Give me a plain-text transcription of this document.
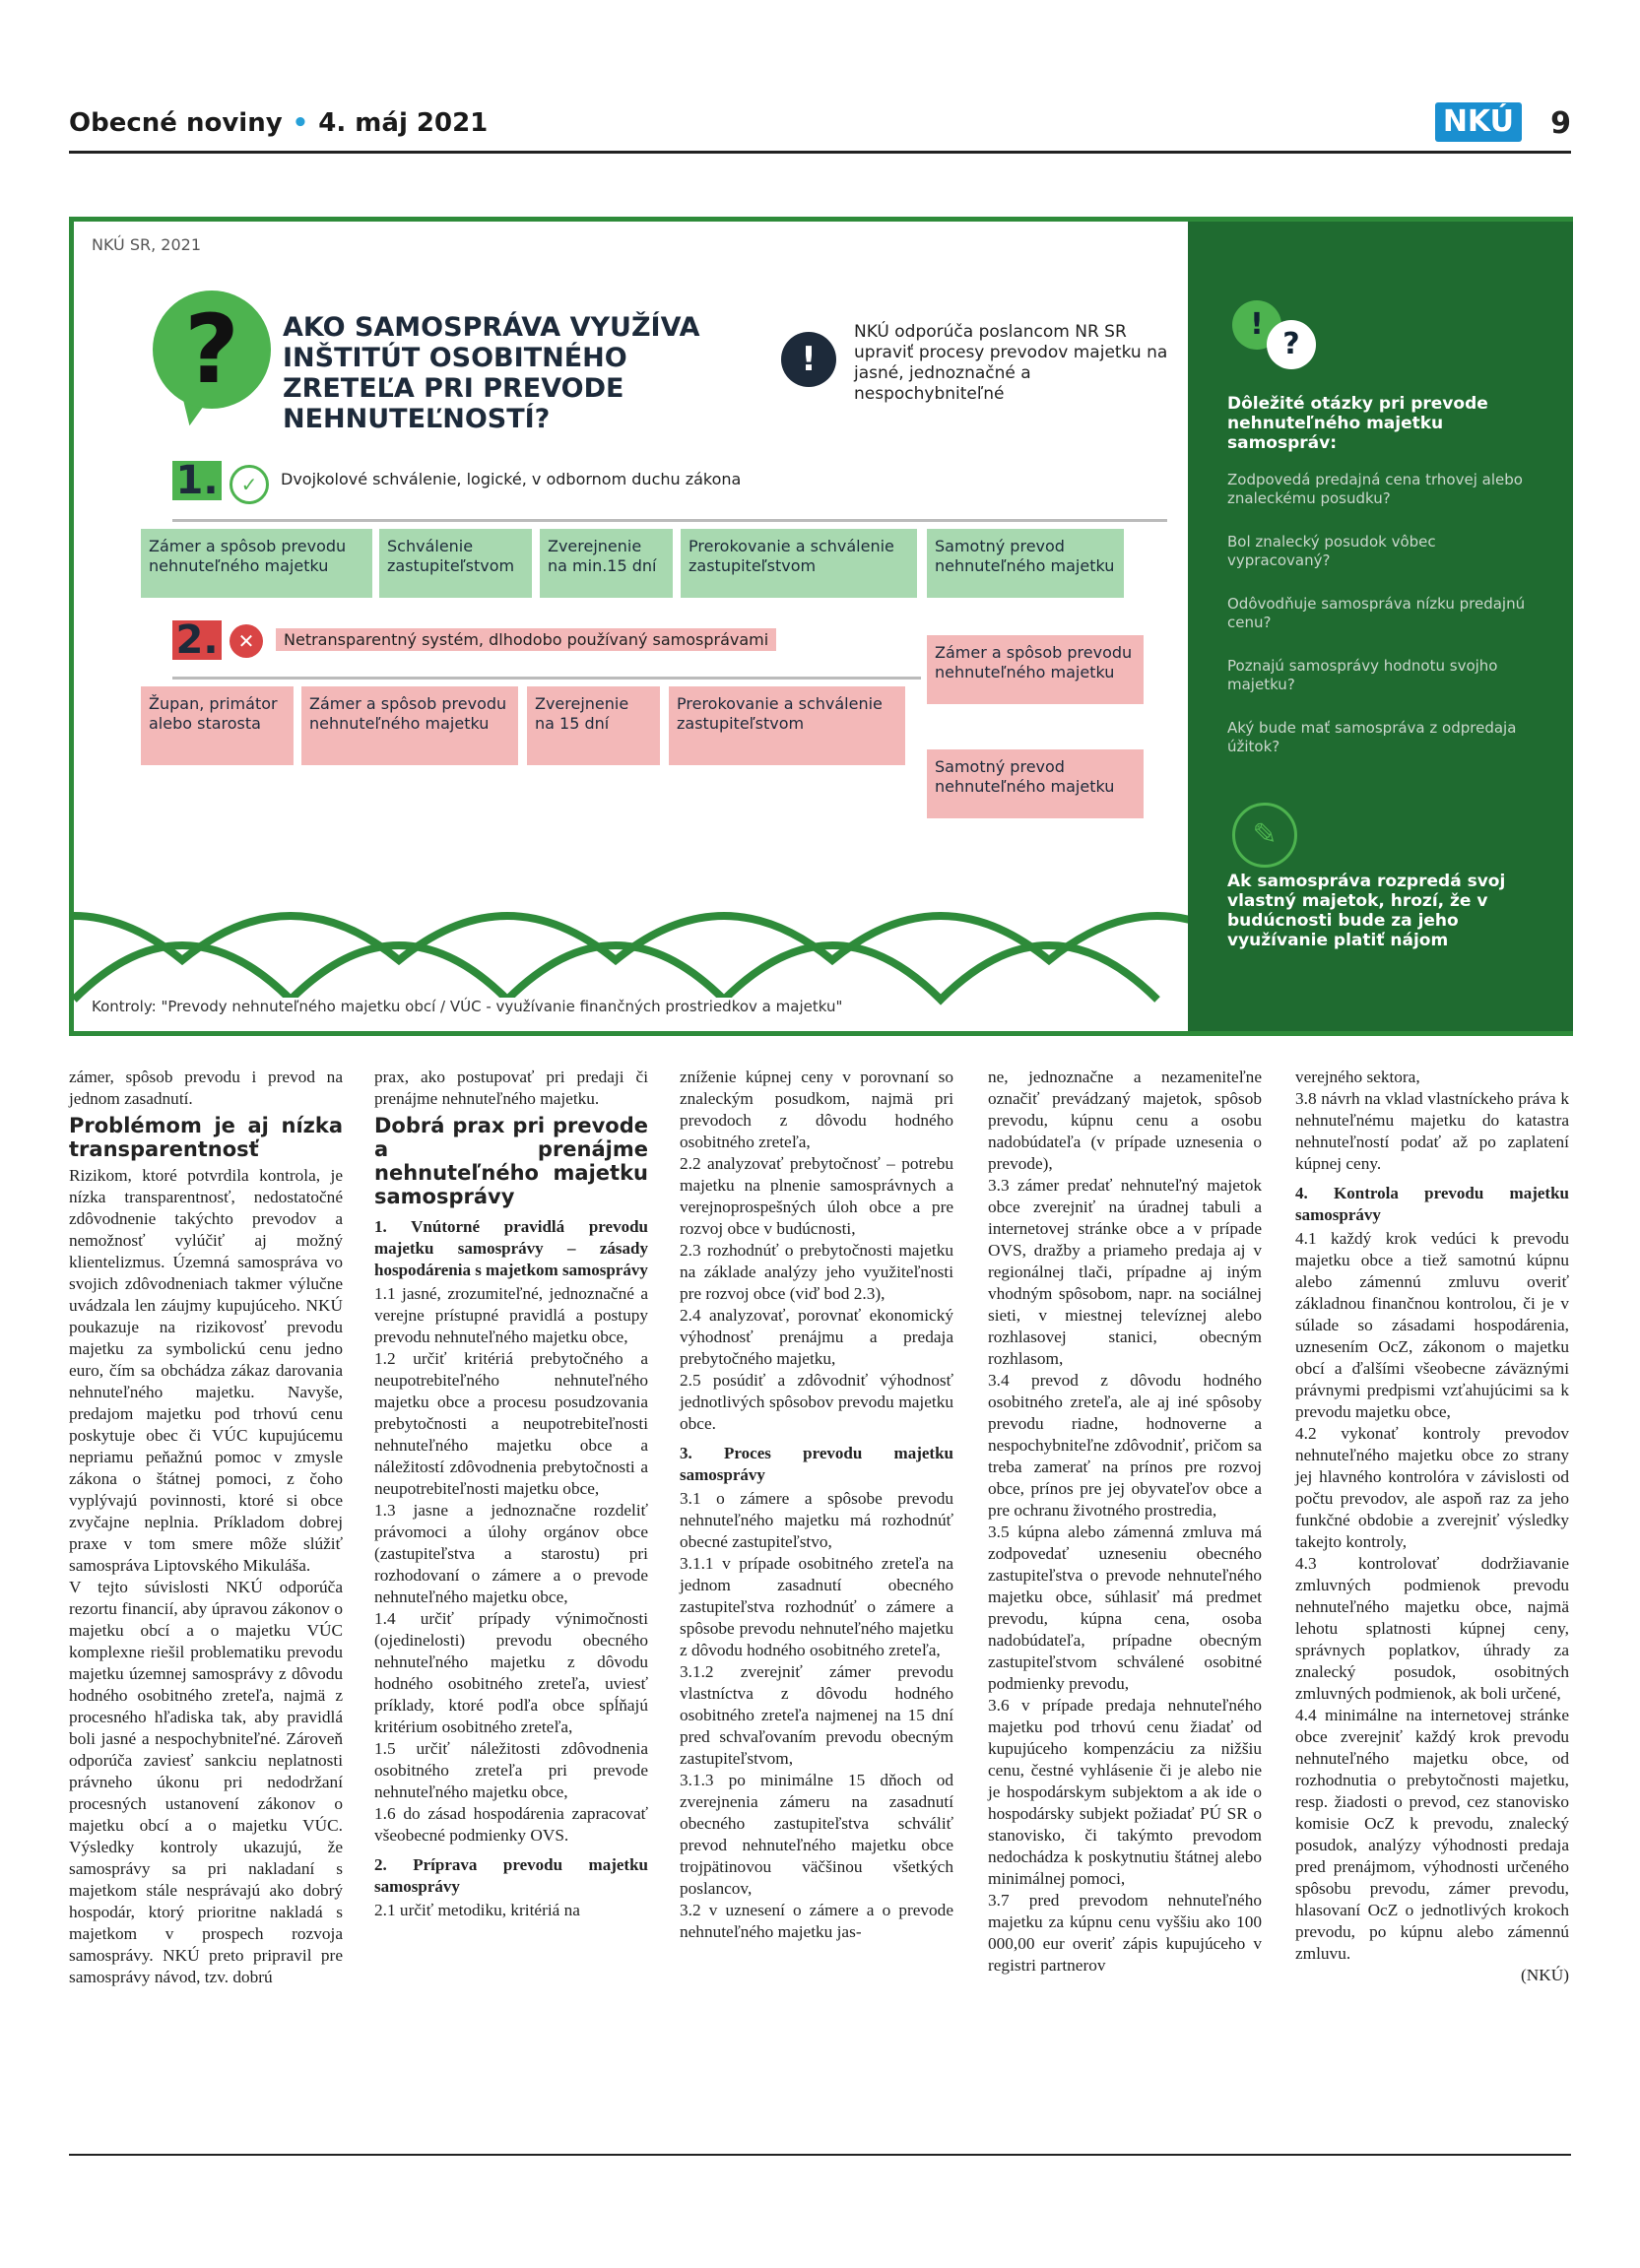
Obecné noviny • 4. máj 2021	NKÚ 9
NKÚ SR, 2021
?	AKO SAMOSPRÁVA VYUŽÍVA INŠTITÚT OSOBITNÉHO ZRETEĽA PRI PREVODE NEHNUTEĽNOSTÍ?
!
NKÚ odporúča poslancom NR SR upraviť procesy prevodov majetku na jasné, jednoznačné a nespochybniteľné
1.	✓	Dvojkolové schválenie, logické, v odbornom duchu zákona
Zámer a spôsob prevodu nehnuteľného majetku
Schválenie zastupiteľstvom
Zverejnenie na min.15 dní
Prerokovanie a schválenie zastupiteľstvom
Samotný prevod nehnuteľného majetku
2.	✕	Netransparentný systém, dlhodobo používaný samosprávami
Zámer a spôsob prevodu nehnuteľného majetku
Župan, primátor alebo starosta
Zámer a spôsob prevodu nehnuteľného majetku
Zverejnenie na 15 dní
Prerokovanie a schválenie zastupiteľstvom
Samotný prevod nehnuteľného majetku
Kontroly: "Prevody nehnuteľného majetku obcí / VÚC - využívanie finančných prostriedkov a majetku"
!
?
Dôležité otázky pri prevode nehnuteľného majetku samospráv:
Zodpovedá predajná cena trhovej alebo znaleckému posudku?
Bol znalecký posudok vôbec vypracovaný?
Odôvodňuje samospráva nízku predajnú cenu?
Poznajú samosprávy hodnotu svojho majetku?
Aký bude mať samospráva z odpredaja úžitok?
✎
Ak samospráva rozpredá svoj vlastný majetok, hrozí, že v budúcnosti bude za jeho využívanie platiť nájom

zámer, spôsob prevodu i prevod na jednom zasadnutí.

Problémom je aj nízka transparentnosť

Rizikom, ktoré potvrdila kontrola, je nízka transparentnosť, nedostatočné zdôvodnenie takýchto prevodov a nemožnosť vylúčiť aj možný klientelizmus. Územná samospráva vo svojich zdôvodneniach takmer výlučne uvádzala len záujmy kupujúceho. NKÚ poukazuje na rizikovosť prevodu majetku za symbolickú cenu jedno euro, čím sa obchádza zákaz darovania nehnuteľného majetku. Navyše, predajom majetku pod trhovú cenu poskytuje obec či VÚC kupujúcemu nepriamu peňažnú pomoc v zmysle zákona o štátnej pomoci, z čoho vyplývajú povinnosti, ktoré si obce zvyčajne neplnia. Príkladom dobrej praxe v tom smere môže slúžiť samospráva Liptovského Mikuláša.

V tejto súvislosti NKÚ odporúča rezortu financií, aby úpravou zákonov o majetku obcí a o majetku VÚC komplexne riešil problematiku prevodu majetku územnej samosprávy z dôvodu hodného osobitného zreteľa, najmä z procesného hľadiska tak, aby pravidlá boli jasné a nespochybniteľné. Zároveň odporúča zaviesť sankciu neplatnosti právneho úkonu pri nedodržaní procesných ustanovení zákonov o majetku obcí a o majetku VÚC. Výsledky kontroly ukazujú, že samosprávy sa pri nakladaní s majetkom stále nesprávajú ako dobrý hospodár, ktorý prioritne nakladá s majetkom v prospech rozvoja samosprávy. NKÚ preto pripravil pre samosprávy návod, tzv. dobrú

prax, ako postupovať pri predaji či prenájme nehnuteľného majetku.

Dobrá prax pri prevode a prenájme nehnuteľného majetku samosprávy
1. Vnútorné pravidlá prevodu majetku samosprávy – zásady hospodárenia s majetkom samosprávy

1.1 jasné, zrozumiteľné, jednoznačné a verejne prístupné pravidlá a postupy prevodu nehnuteľného majetku obce,

1.2 určiť kritériá prebytočného a neupotrebiteľného nehnuteľného majetku obce a procesu posudzovania prebytočnosti a neupotrebiteľnosti nehnuteľného majetku obce a náležitostí zdôvodnenia prebytočnosti a neupotrebiteľnosti majetku obce,

1.3 jasne a jednoznačne rozdeliť právomoci a úlohy orgánov obce (zastupiteľstva a starostu) pri rozhodovaní o zámere a o prevode nehnuteľného majetku obce,

1.4 určiť prípady výnimočnosti (ojedinelosti) prevodu obecného nehnuteľného majetku z dôvodu hodného osobitného zreteľa, uviesť príklady, ktoré podľa obce spĺňajú kritérium osobitného zreteľa,

1.5 určiť náležitosti zdôvodnenia osobitného zreteľa pri prevode nehnuteľného majetku obce,

1.6 do zásad hospodárenia zapracovať všeobecné podmienky OVS.

2. Príprava prevodu majetku samosprávy

2.1 určiť metodiku, kritériá na

zníženie kúpnej ceny v porovnaní so znaleckým posudkom, najmä pri prevodoch z dôvodu hodného osobitného zreteľa,

2.2 analyzovať prebytočnosť – potrebu majetku na plnenie samosprávnych a verejnoprospešných úloh obce a pre rozvoj obce v budúcnosti,

2.3 rozhodnúť o prebytočnosti majetku na základe analýzy jeho využiteľnosti pre rozvoj obce (viď bod 2.3),

2.4 analyzovať, porovnať ekonomický výhodnosť prenájmu a predaja prebytočného majetku,

2.5 posúdiť a zdôvodniť výhodnosť jednotlivých spôsobov prevodu majetku obce.

3. Proces prevodu majetku samosprávy

3.1 o zámere a spôsobe prevodu nehnuteľného majetku má rozhodnúť obecné zastupiteľstvo,

3.1.1 v prípade osobitného zreteľa na jednom zasadnutí obecného zastupiteľstva rozhodnúť o zámere a spôsobe prevodu nehnuteľného majetku z dôvodu hodného osobitného zreteľa,

3.1.2 zverejniť zámer prevodu vlastníctva z dôvodu hodného osobitného zreteľa najmenej na 15 dní pred schvaľovaním prevodu obecným zastupiteľstvom,

3.1.3 po minimálne 15 dňoch od zverejnenia zámeru na zasadnutí obecného zastupiteľstva schváliť prevod nehnuteľného majetku obce trojpätinovou väčšinou všetkých poslancov,

3.2 v uznesení o zámere a o prevode nehnuteľného majetku jas-

ne, jednoznačne a nezameniteľne označiť prevádzaný majetok, spôsob prevodu, kúpnu cenu a osobu nadobúdateľa (v prípade uznesenia o prevode),

3.3 zámer predať nehnuteľný majetok obce zverejniť na úradnej tabuli a internetovej stránke obce a v prípade OVS, dražby a priameho predaja aj v regionálnej tlači, prípadne aj iným vhodným spôsobom, napr. na sociálnej sieti, v miestnej televíznej alebo rozhlasovej stanici, obecným rozhlasom,

3.4 prevod z dôvodu hodného osobitného zreteľa, ale aj iné spôsoby prevodu riadne, hodnoverne a nespochybniteľne zdôvodniť, pričom sa treba zamerať na prínos pre rozvoj obce, prínos pre jej obyvateľov obce a pre ochranu životného prostredia,

3.5 kúpna alebo zámenná zmluva má zodpovedať uzneseniu obecného zastupiteľstva o prevode nehnuteľného majetku obce, súhlasiť má predmet prevodu, kúpna cena, osoba nadobúdateľa, prípadne obecným zastupiteľstvom schválené osobitné podmienky prevodu,

3.6 v prípade predaja nehnuteľného majetku pod trhovú cenu žiadať od kupujúceho kompenzáciu za nižšiu cenu, čestné vyhlásenie či je alebo nie je hospodárskym subjektom a ak ide o hospodársky subjekt požiadať PÚ SR o stanovisko, či takýmto prevodom nedochádza k poskytnutiu štátnej alebo minimálnej pomoci,

3.7 pred prevodom nehnuteľného majetku za kúpnu cenu vyššiu ako 100 000,00 eur overiť zápis kupujúceho v registri partnerov

verejného sektora,

3.8 návrh na vklad vlastníckeho práva k nehnuteľnému majetku do katastra nehnuteľností podať až po zaplatení kúpnej ceny.

4. Kontrola prevodu majetku samosprávy

4.1 každý krok vedúci k prevodu majetku obce a tiež samotnú kúpnu alebo zámennú zmluvu overiť základnou finančnou kontrolou, či je v súlade so zásadami hospodárenia, uznesením OcZ, zákonom o majetku obcí a ďalšími všeobecne záväznými právnymi predpismi vzťahujúcimi sa k prevodu majetku obce,

4.2 vykonať kontroly prevodov nehnuteľného majetku obce zo strany jej hlavného kontrolóra v závislosti od počtu prevodov, ale aspoň raz za jeho funkčné obdobie a zverejniť výsledky takejto kontroly,

4.3 kontrolovať dodržiavanie zmluvných podmienok prevodu nehnuteľného majetku obce, najmä lehotu splatnosti kúpnej ceny, správnych poplatkov, úhrady za znalecký posudok, osobitných zmluvných podmienok, ak boli určené,

4.4 minimálne na internetovej stránke obce zverejniť každý krok prevodu nehnuteľného majetku obce, od rozhodnutia o prebytočnosti majetku, resp. žiadosti o prevod, cez stanovisko komisie OcZ k prevodu, znalecký posudok, analýzy výhodnosti predaja pred prenájmom, výhodnosti určeného spôsobu prevodu, zámer prevodu, hlasovaní OcZ o jednotlivých krokoch prevodu, po kúpnu alebo zámennú zmluvu.

(NKÚ)
